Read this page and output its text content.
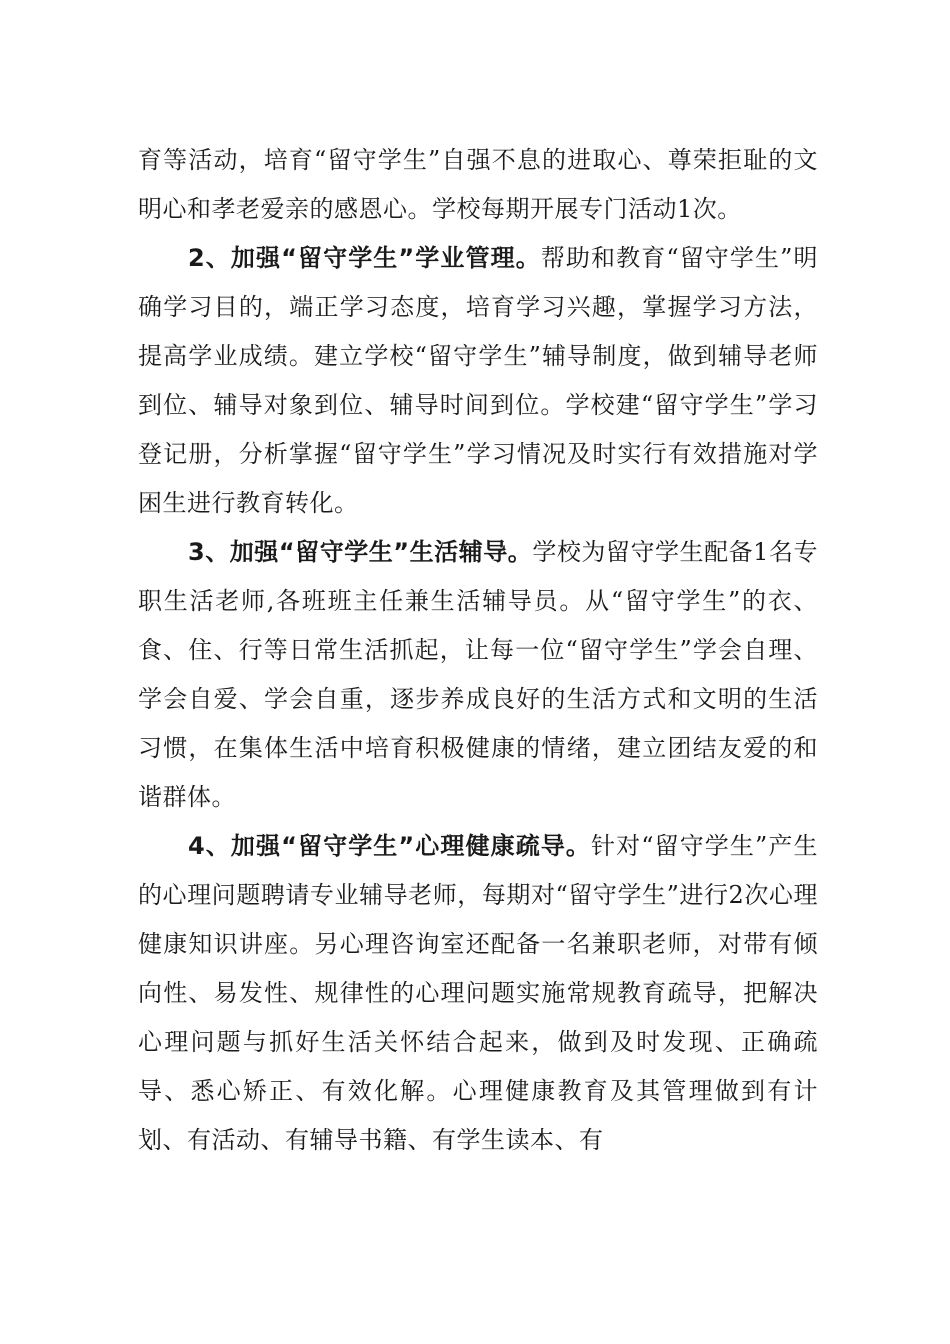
育等活动，培育“留守学生”自强不息的进取心、尊荣拒耻的文明心和孝老爱亲的感恩心。学校每期开展专门活动1次。

2、加强“留守学生”学业管理。帮助和教育“留守学生”明确学习目的，端正学习态度，培育学习兴趣，掌握学习方法，提高学业成绩。建立学校“留守学生”辅导制度，做到辅导老师到位、辅导对象到位、辅导时间到位。学校建“留守学生”学习登记册，分析掌握“留守学生”学习情况及时实行有效措施对学困生进行教育转化。

3、加强“留守学生”生活辅导。学校为留守学生配备1名专职生活老师,各班班主任兼生活辅导员。从“留守学生”的衣、食、住、行等日常生活抓起，让每一位“留守学生”学会自理、学会自爱、学会自重，逐步养成良好的生活方式和文明的生活习惯，在集体生活中培育积极健康的情绪，建立团结友爱的和谐群体。

4、加强“留守学生”心理健康疏导。针对“留守学生”产生的心理问题聘请专业辅导老师，每期对“留守学生”进行2次心理健康知识讲座。另心理咨询室还配备一名兼职老师，对带有倾向性、易发性、规律性的心理问题实施常规教育疏导，把解决心理问题与抓好生活关怀结合起来，做到及时发现、正确疏导、悉心矫正、有效化解。心理健康教育及其管理做到有计划、有活动、有辅导书籍、有学生读本、有
